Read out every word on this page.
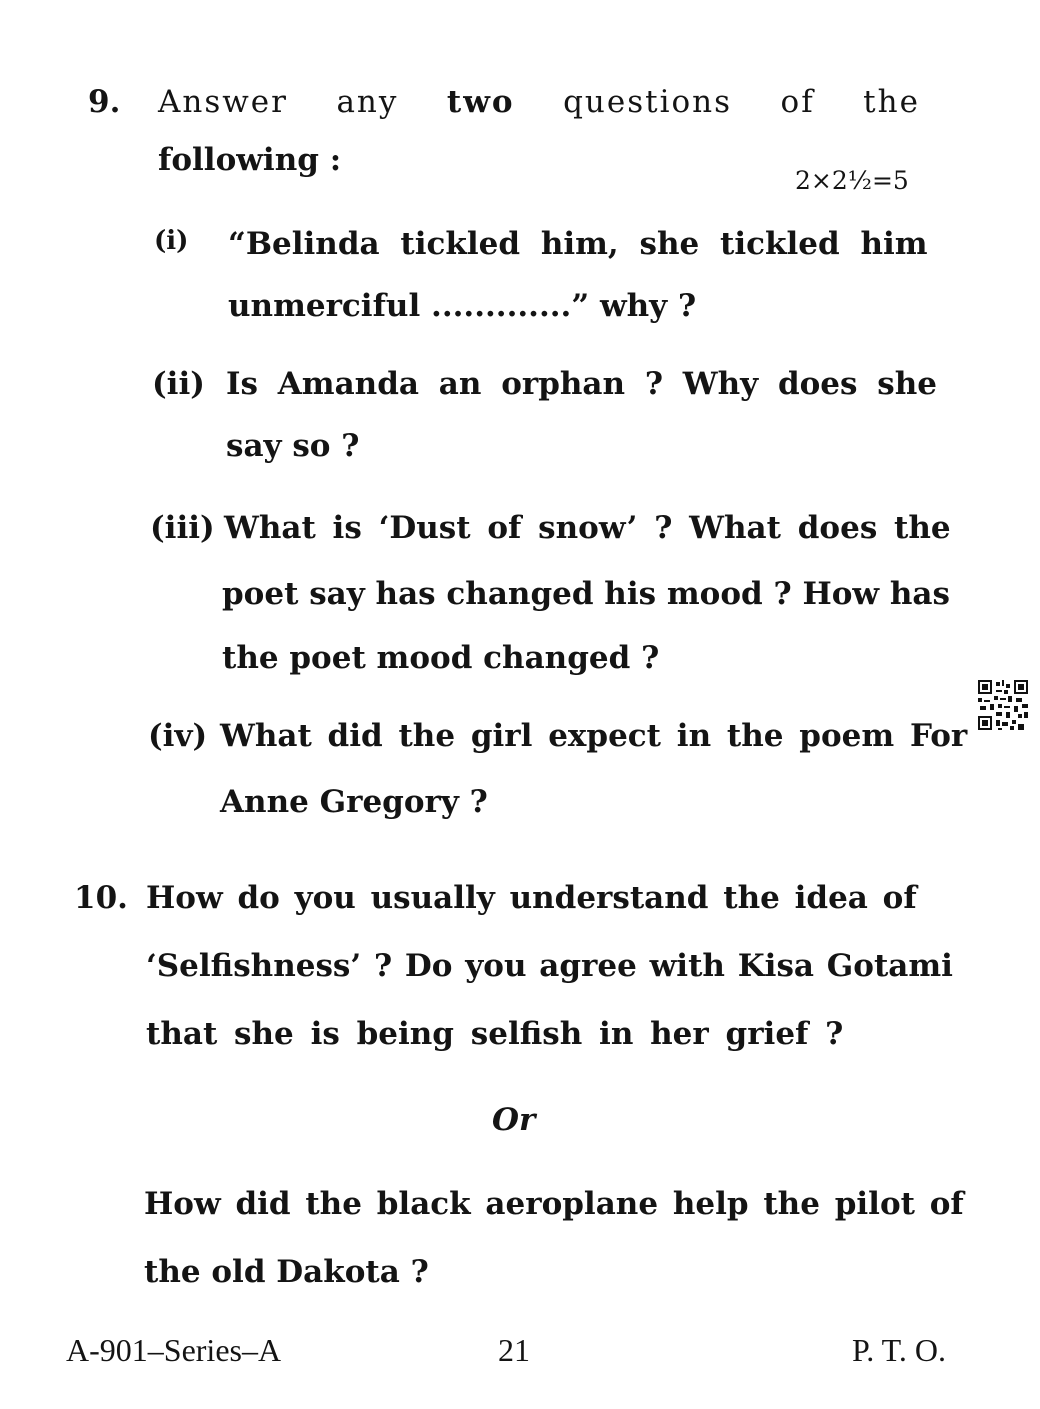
9. Answer any two questions of the
following :
2×2½=5
(i) “Belinda tickled him, she tickled him
unmerciful .............” why ?
(ii) Is Amanda an orphan ? Why does she
say so ?
(iii) What is ‘Dust of snow’ ? What does the
poet say has changed his mood ? How has
the poet mood changed ?
(iv) What did the girl expect in the poem For
Anne Gregory ?
10. How do you usually understand the idea of
‘Selfishness’ ? Do you agree with Kisa Gotami
that she is being selfish in her grief ?
Or
How did the black aeroplane help the pilot of
the old Dakota ?
A-901–Series–A	21	P. T. O.
